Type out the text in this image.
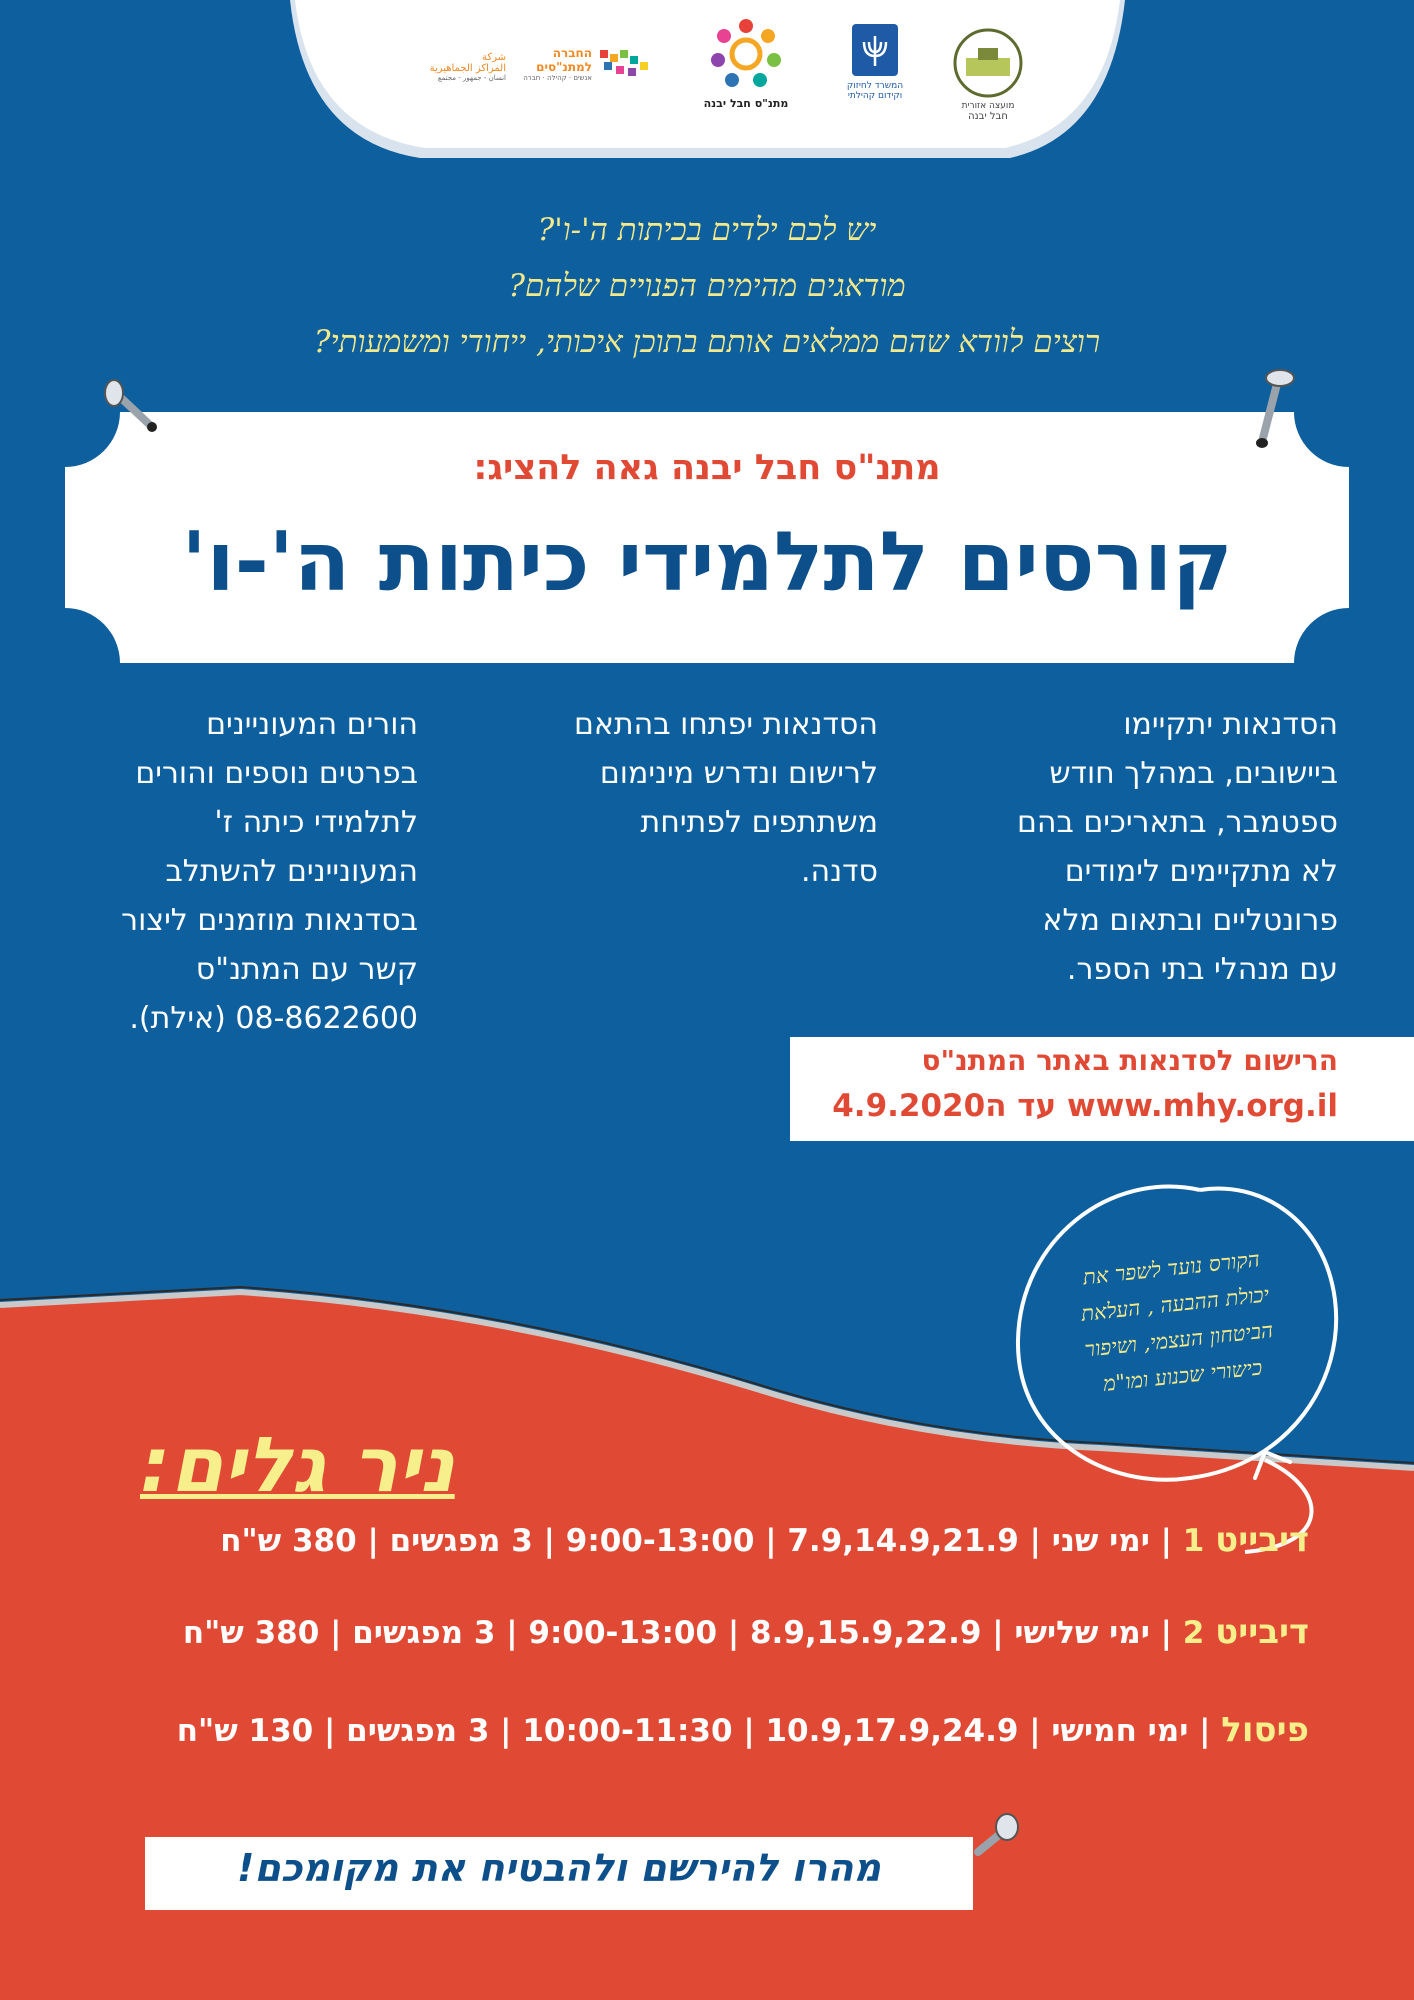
מועצה אזורית
חבל יבנה
המשרד לחיזוק
וקידום קהילתי
מתנ"ס חבל יבנה
החברה
למתנ"סים
אנשים · קהילה · חברה
شركة
المراكز الجماهيرية
انسان - جمهور - مجتمع
יש לכם ילדים בכיתות ה'-ו'?
מודאגים מהימים הפנויים שלהם?
רוצים לוודא שהם ממלאים אותם בתוכן איכותי, ייחודי ומשמעותי?
מתנ"ס חבל יבנה גאה להציג:
קורסים לתלמידי כיתות ה'-ו'
הסדנאות יתקיימו
ביישובים, במהלך חודש
ספטמבר, בתאריכים בהם
לא מתקיימים לימודים
פרונטליים ובתאום מלא
עם מנהלי בתי הספר.
הסדנאות יפתחו בהתאם
לרישום ונדרש מינימום
משתתפים לפתיחת
סדנה.
הורים המעוניינים
בפרטים נוספים והורים
לתלמידי כיתה ז'
המעוניינים להשתלב
בסדנאות מוזמנים ליצור
קשר עם המתנ"ס
08-8622600 (אילת).
הרישום לסדנאות באתר המתנ"ס
www.mhy.org.il עד ה4.9.2020
הקורס נועד לשפר את
יכולת ההבעה , העלאת
הביטחון העצמי, ושיפור
כישורי שכנוע ומו"מ
ניר גלים:
דיבייט 1 | ימי שני | 7.9,14.9,21.9 | 9:00-13:00 | 3 מפגשים | 380 ש"ח
דיבייט 2 | ימי שלישי | 8.9,15.9,22.9 | 9:00-13:00 | 3 מפגשים | 380 ש"ח
פיסול | ימי חמישי | 10.9,17.9,24.9 | 10:00-11:30 | 3 מפגשים | 130 ש"ח
מהרו להירשם ולהבטיח את מקומכם!
